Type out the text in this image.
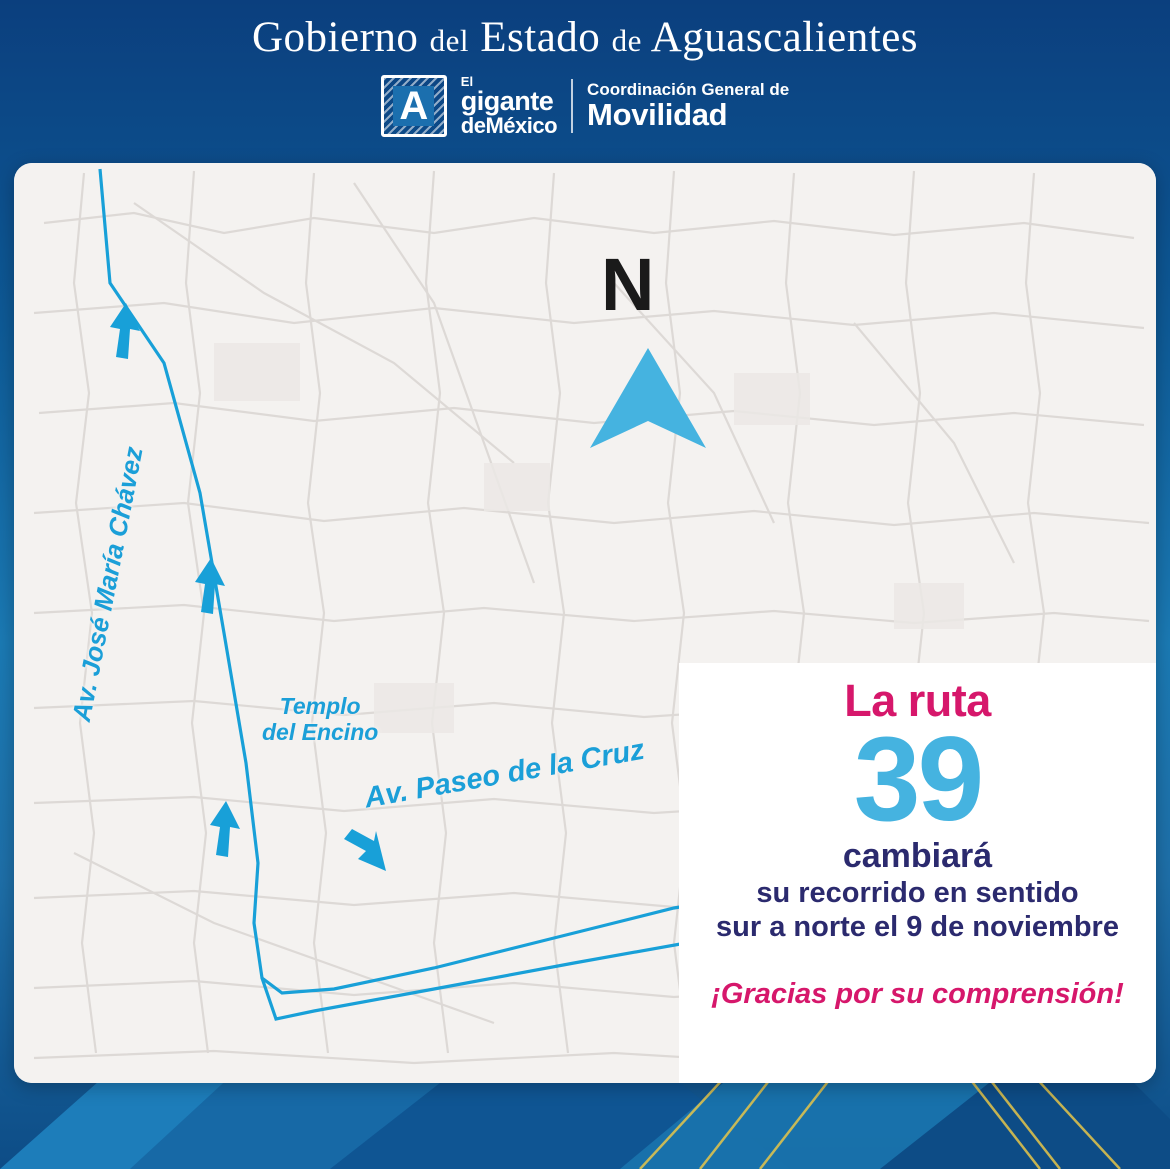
Gobierno del Estado de Aguascalientes
A
El
gigante
deMéxico
Coordinación General de
Movilidad
N
Av. José María Chávez	Templo
del Encino
Av. Paseo de la Cruz
La ruta
39
cambiará
su recorrido en sentido
sur a norte el 9 de noviembre
¡Gracias por su comprensión!
